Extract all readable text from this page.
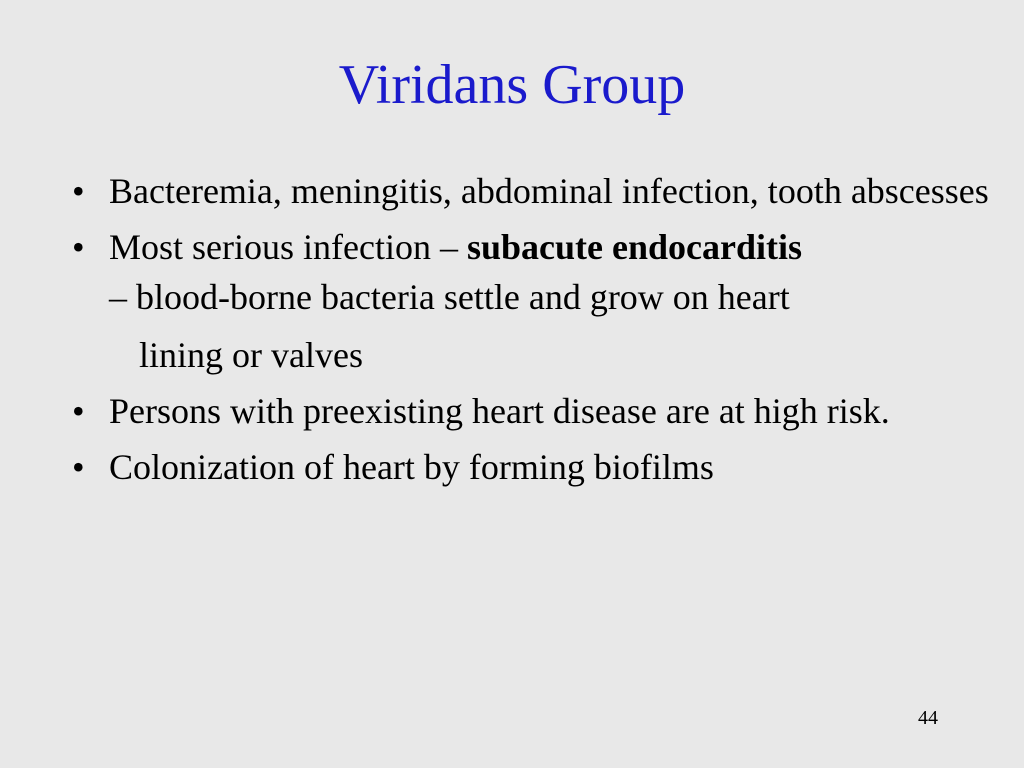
Viridans Group
• Bacteremia, meningitis, abdominal infection, tooth abscesses
• Most serious infection – subacute endocarditis
– blood-borne bacteria settle and grow on heart
lining or valves
• Persons with preexisting heart disease are at high risk.
• Colonization of heart by forming biofilms
44
